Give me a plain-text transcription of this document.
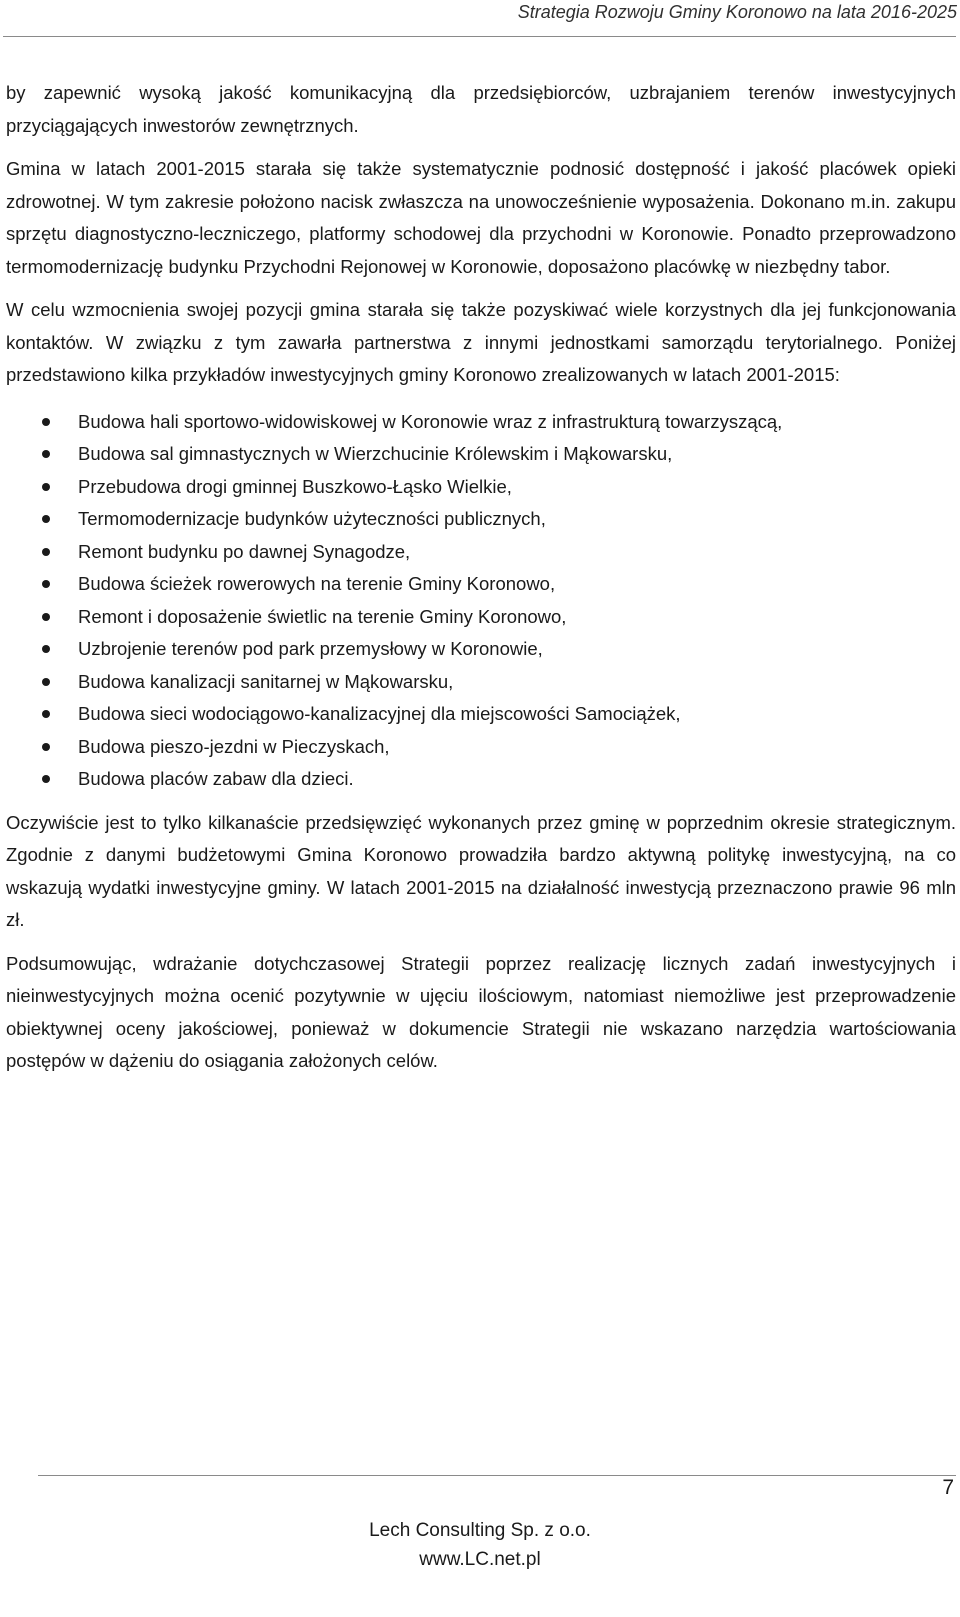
Strategia Rozwoju Gminy Koronowo na lata 2016-2025

by zapewnić wysoką jakość komunikacyjną dla przedsiębiorców, uzbrajaniem terenów inwestycyjnych przyciągających inwestorów zewnętrznych.

Gmina w latach 2001-2015 starała się także systematycznie podnosić dostępność i jakość placówek opieki zdrowotnej. W tym zakresie położono nacisk zwłaszcza na unowocześnienie wyposażenia. Dokonano m.in. zakupu sprzętu diagnostyczno-leczniczego, platformy schodowej dla przychodni w Koronowie. Ponadto przeprowadzono termomodernizację budynku Przychodni Rejonowej w Koronowie, doposażono placówkę w niezbędny tabor.

W celu wzmocnienia swojej pozycji gmina starała się także pozyskiwać wiele korzystnych dla jej funkcjonowania kontaktów. W związku z tym zawarła partnerstwa z innymi jednostkami samorządu terytorialnego. Poniżej przedstawiono kilka przykładów inwestycyjnych gminy Koronowo zrealizowanych w latach 2001-2015:

Budowa hali sportowo-widowiskowej w Koronowie wraz z infrastrukturą towarzyszącą,
Budowa sal gimnastycznych w Wierzchucinie Królewskim i Mąkowarsku,
Przebudowa drogi gminnej Buszkowo-Łąsko Wielkie,
Termomodernizacje budynków użyteczności publicznych,
Remont budynku po dawnej Synagodze,
Budowa ścieżek rowerowych na terenie Gminy Koronowo,
Remont i doposażenie świetlic na terenie Gminy Koronowo,
Uzbrojenie terenów pod park przemysłowy w Koronowie,
Budowa kanalizacji sanitarnej w Mąkowarsku,
Budowa sieci wodociągowo-kanalizacyjnej dla miejscowości Samociążek,
Budowa pieszo-jezdni w Pieczyskach,
Budowa placów zabaw dla dzieci.

Oczywiście jest to tylko kilkanaście przedsięwzięć wykonanych przez gminę w poprzednim okresie strategicznym. Zgodnie z danymi budżetowymi Gmina Koronowo prowadziła bardzo aktywną politykę inwestycyjną, na co wskazują wydatki inwestycyjne gminy. W latach 2001-2015 na działalność inwestycją przeznaczono prawie 96 mln zł.

Podsumowując, wdrażanie dotychczasowej Strategii poprzez realizację licznych zadań inwestycyjnych i nieinwestycyjnych można ocenić pozytywnie w ujęciu ilościowym, natomiast niemożliwe jest przeprowadzenie obiektywnej oceny jakościowej, ponieważ w dokumencie Strategii nie wskazano narzędzia wartościowania postępów w dążeniu do osiągania założonych celów.

7
Lech Consulting Sp. z o.o.
www.LC.net.pl
